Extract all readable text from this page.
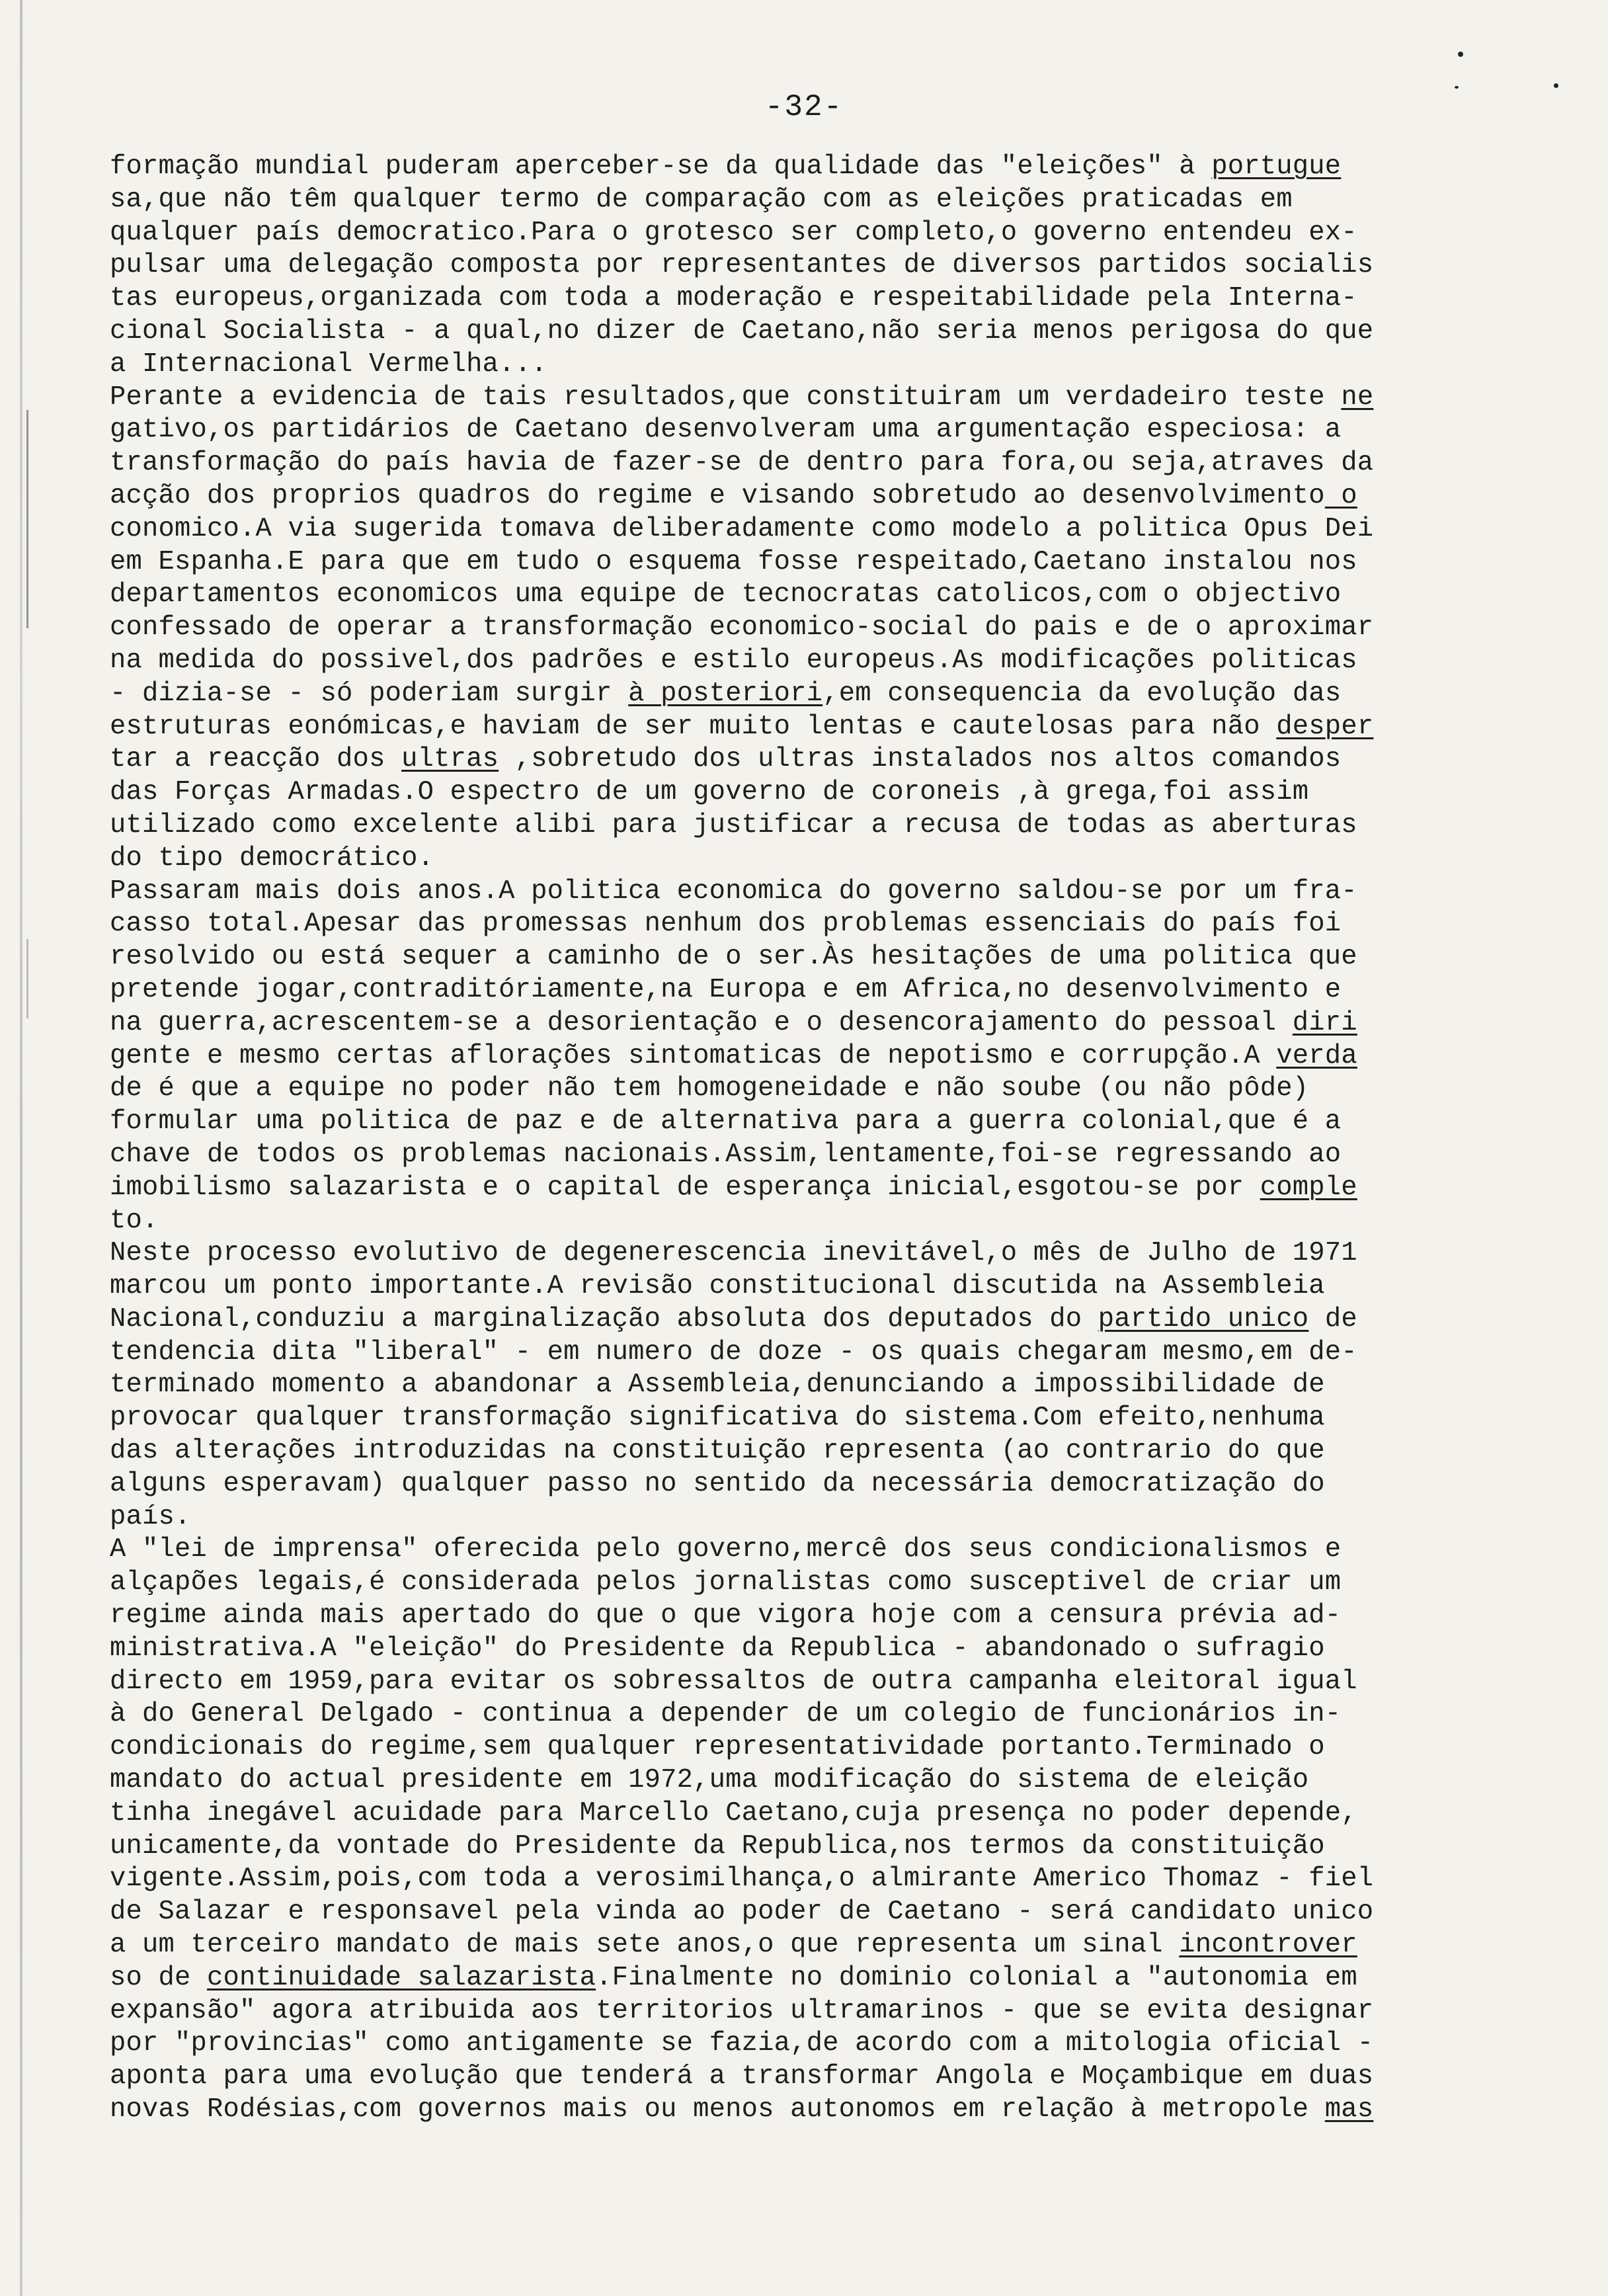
-32-
formação mundial puderam aperceber-se da qualidade das "eleições" à portugue
sa,que não têm qualquer termo de comparação com as eleições praticadas em
qualquer país democratico.Para o grotesco ser completo,o governo entendeu ex-
pulsar uma delegação composta por representantes de diversos partidos socialis
tas europeus,organizada com toda a moderação e respeitabilidade pela Interna-
cional Socialista - a qual,no dizer de Caetano,não seria menos perigosa do que
a Internacional Vermelha...
Perante a evidencia de tais resultados,que constituiram um verdadeiro teste ne
gativo,os partidários de Caetano desenvolveram uma argumentação especiosa: a
transformação do país havia de fazer-se de dentro para fora,ou seja,atraves da
acção dos proprios quadros do regime e visando sobretudo ao desenvolvimento o
conomico.A via sugerida tomava deliberadamente como modelo a politica Opus Dei
em Espanha.E para que em tudo o esquema fosse respeitado,Caetano instalou nos
departamentos economicos uma equipe de tecnocratas catolicos,com o objectivo
confessado de operar a transformação economico-social do pais e de o aproximar
na medida do possivel,dos padrões e estilo europeus.As modificações politicas
- dizia-se - só poderiam surgir à posteriori,em consequencia da evolução das
estruturas eonómicas,e haviam de ser muito lentas e cautelosas para não desper
tar a reacção dos ultras ,sobretudo dos ultras instalados nos altos comandos
das Forças Armadas.O espectro de um governo de coroneis ,à grega,foi assim
utilizado como excelente alibi para justificar a recusa de todas as aberturas
do tipo democrático.
Passaram mais dois anos.A politica economica do governo saldou-se por um fra-
casso total.Apesar das promessas nenhum dos problemas essenciais do país foi
resolvido ou está sequer a caminho de o ser.Às hesitações de uma politica que
pretende jogar,contraditóriamente,na Europa e em Africa,no desenvolvimento e
na guerra,acrescentem-se a desorientação e o desencorajamento do pessoal diri
gente e mesmo certas aflorações sintomaticas de nepotismo e corrupção.A verda
de é que a equipe no poder não tem homogeneidade e não soube (ou não pôde)
formular uma politica de paz e de alternativa para a guerra colonial,que é a
chave de todos os problemas nacionais.Assim,lentamente,foi-se regressando ao
imobilismo salazarista e o capital de esperança inicial,esgotou-se por comple
to.
Neste processo evolutivo de degenerescencia inevitável,o mês de Julho de 1971
marcou um ponto importante.A revisão constitucional discutida na Assembleia
Nacional,conduziu a marginalização absoluta dos deputados do partido unico de
tendencia dita "liberal" - em numero de doze - os quais chegaram mesmo,em de-
terminado momento a abandonar a Assembleia,denunciando a impossibilidade de
provocar qualquer transformação significativa do sistema.Com efeito,nenhuma
das alterações introduzidas na constituição representa (ao contrario do que
alguns esperavam) qualquer passo no sentido da necessária democratização do
país.
A "lei de imprensa" oferecida pelo governo,mercê dos seus condicionalismos e
alçapões legais,é considerada pelos jornalistas como susceptivel de criar um
regime ainda mais apertado do que o que vigora hoje com a censura prévia ad-
ministrativa.A "eleição" do Presidente da Republica - abandonado o sufragio
directo em 1959,para evitar os sobressaltos de outra campanha eleitoral igual
à do General Delgado - continua a depender de um colegio de funcionários in-
condicionais do regime,sem qualquer representatividade portanto.Terminado o
mandato do actual presidente em 1972,uma modificação do sistema de eleição
tinha inegável acuidade para Marcello Caetano,cuja presença no poder depende,
unicamente,da vontade do Presidente da Republica,nos termos da constituição
vigente.Assim,pois,com toda a verosimilhança,o almirante Americo Thomaz - fiel
de Salazar e responsavel pela vinda ao poder de Caetano - será candidato unico
a um terceiro mandato de mais sete anos,o que representa um sinal incontrover
so de continuidade salazarista.Finalmente no dominio colonial a "autonomia em
expansão" agora atribuida aos territorios ultramarinos - que se evita designar
por "provincias" como antigamente se fazia,de acordo com a mitologia oficial -
aponta para uma evolução que tenderá a transformar Angola e Moçambique em duas
novas Rodésias,com governos mais ou menos autonomos em relação à metropole mas
